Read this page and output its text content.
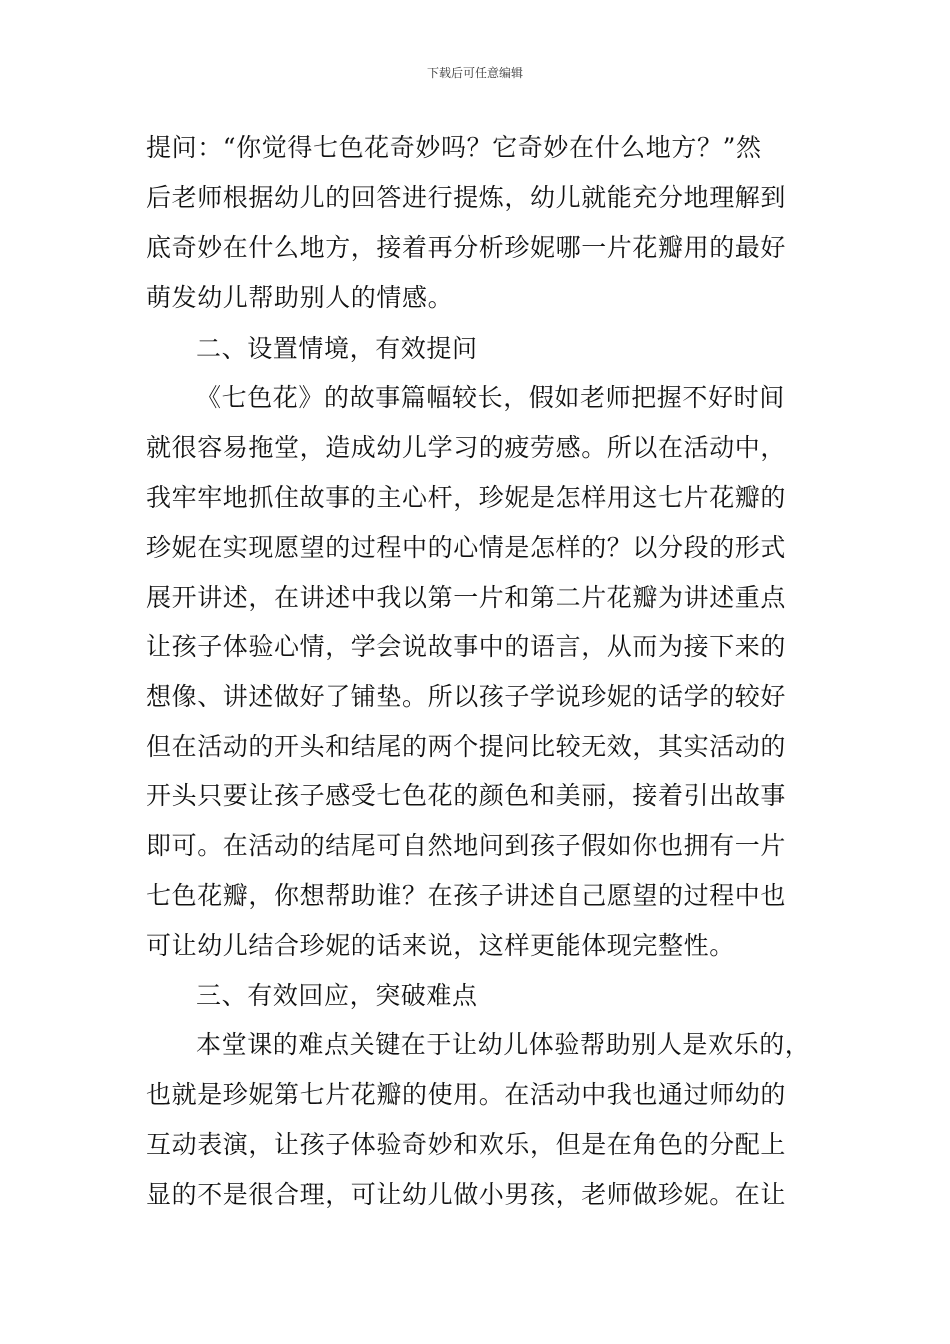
下载后可任意编辑
提问：“你觉得七色花奇妙吗？它奇妙在什么地方？”然
后老师根据幼儿的回答进行提炼，幼儿就能充分地理解到
底奇妙在什么地方，接着再分析珍妮哪一片花瓣用的最好
萌发幼儿帮助别人的情感。
二、设置情境，有效提问
《七色花》的故事篇幅较长，假如老师把握不好时间
就很容易拖堂，造成幼儿学习的疲劳感。所以在活动中，
我牢牢地抓住故事的主心杆，珍妮是怎样用这七片花瓣的
珍妮在实现愿望的过程中的心情是怎样的？以分段的形式
展开讲述，在讲述中我以第一片和第二片花瓣为讲述重点
让孩子体验心情，学会说故事中的语言，从而为接下来的
想像、讲述做好了铺垫。所以孩子学说珍妮的话学的较好
但在活动的开头和结尾的两个提问比较无效，其实活动的
开头只要让孩子感受七色花的颜色和美丽，接着引出故事
即可。在活动的结尾可自然地问到孩子假如你也拥有一片
七色花瓣，你想帮助谁？在孩子讲述自己愿望的过程中也
可让幼儿结合珍妮的话来说，这样更能体现完整性。
三、有效回应，突破难点
本堂课的难点关键在于让幼儿体验帮助别人是欢乐的，
也就是珍妮第七片花瓣的使用。在活动中我也通过师幼的
互动表演，让孩子体验奇妙和欢乐，但是在角色的分配上
显的不是很合理，可让幼儿做小男孩，老师做珍妮。在让
